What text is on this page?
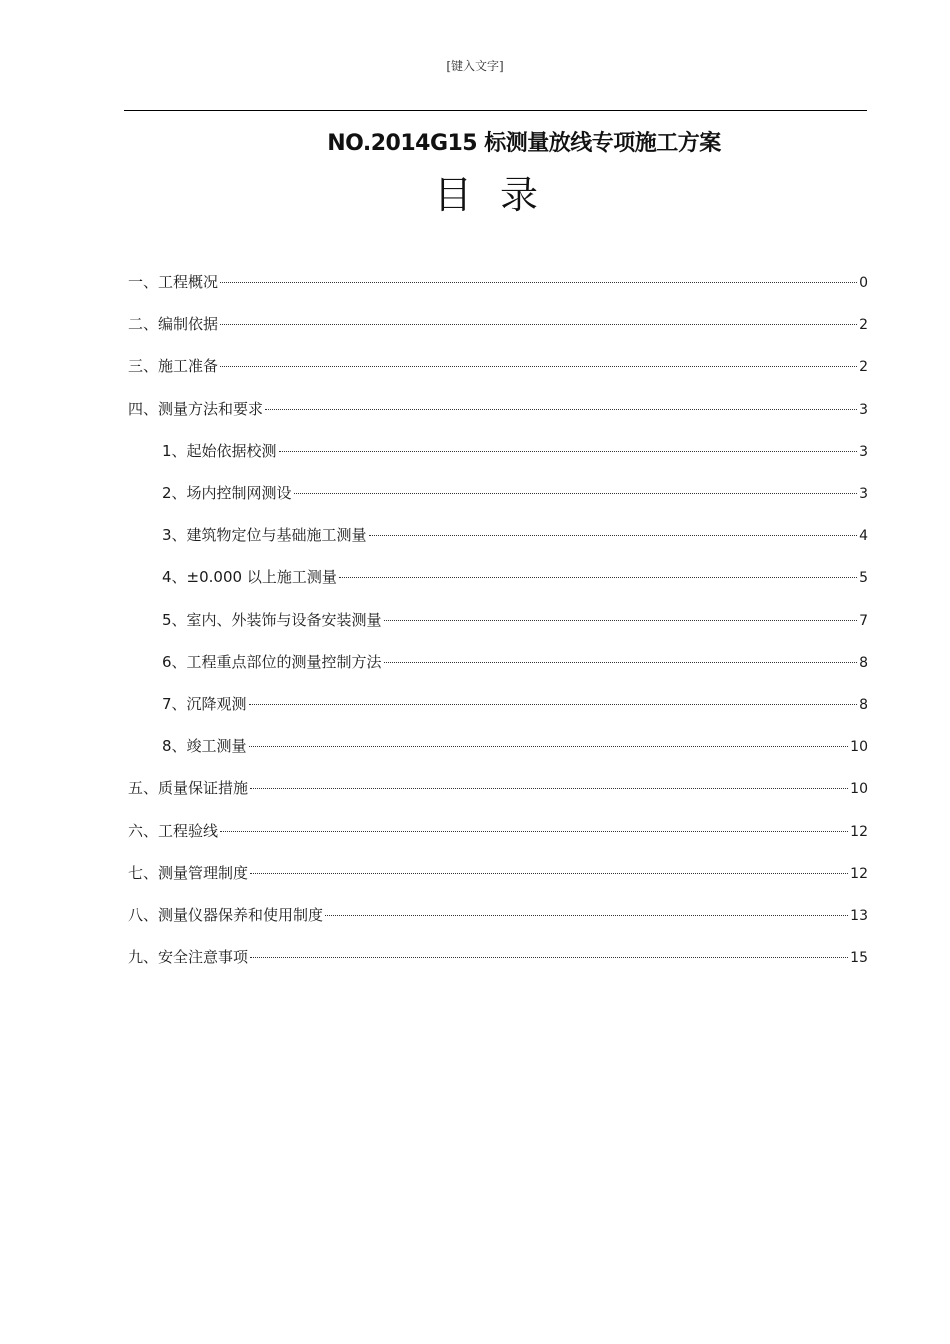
[键入文字]
NO.2014G15 标测量放线专项施工方案
目录
一、工程概况	0
二、编制依据	2
三、施工准备	2
四、测量方法和要求	3
1、起始依据校测	3
2、场内控制网测设	3
3、建筑物定位与基础施工测量	4
4、±0.000 以上施工测量	5
5、室内、外装饰与设备安装测量	7
6、工程重点部位的测量控制方法	8
7、沉降观测	8
8、竣工测量	10
五、质量保证措施	10
六、工程验线	12
七、测量管理制度	12
八、测量仪器保养和使用制度	13
九、安全注意事项	15
